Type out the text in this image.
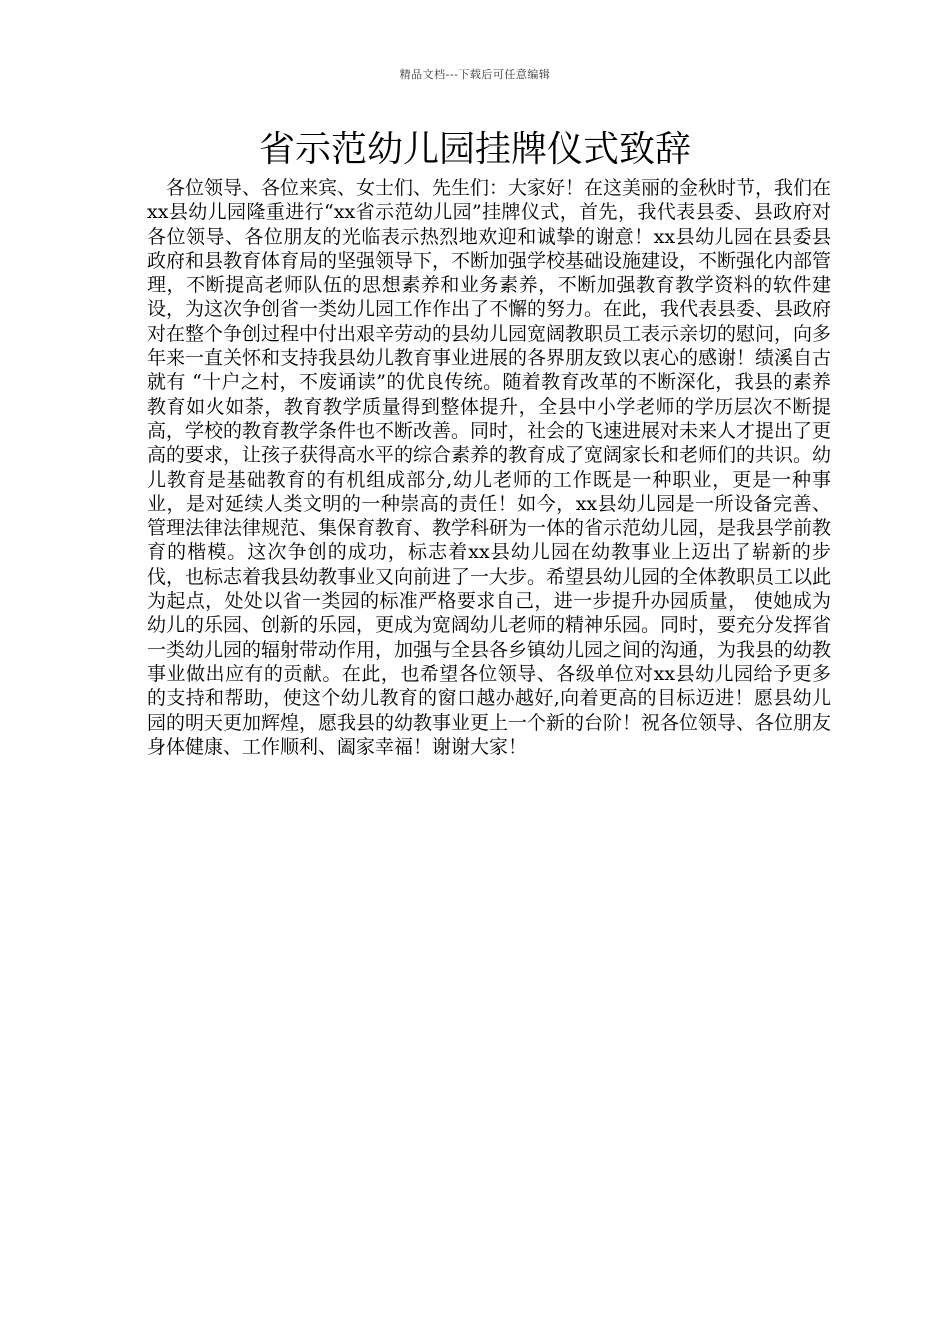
精品文档---下载后可任意编辑
省示范幼儿园挂牌仪式致辞

各位领导、各位来宾、女士们、先生们：大家好！在这美丽的金秋时节，我们在xx县幼儿园隆重进行“xx省示范幼儿园”挂牌仪式，首先，我代表县委、县政府对各位领导、各位朋友的光临表示热烈地欢迎和诚挚的谢意！xx县幼儿园在县委县政府和县教育体育局的坚强领导下，不断加强学校基础设施建设，不断强化内部管理，不断提高老师队伍的思想素养和业务素养，不断加强教育教学资料的软件建设，为这次争创省一类幼儿园工作作出了不懈的努力。在此，我代表县委、县政府对在整个争创过程中付出艰辛劳动的县幼儿园宽阔教职员工表示亲切的慰问，向多年来一直关怀和支持我县幼儿教育事业进展的各界朋友致以衷心的感谢！绩溪自古就有 “十户之村，不废诵读”的优良传统。随着教育改革的不断深化，我县的素养教育如火如荼，教育教学质量得到整体提升，全县中小学老师的学历层次不断提高，学校的教育教学条件也不断改善。同时，社会的飞速进展对未来人才提出了更高的要求，让孩子获得高水平的综合素养的教育成了宽阔家长和老师们的共识。幼儿教育是基础教育的有机组成部分,幼儿老师的工作既是一种职业，更是一种事业，是对延续人类文明的一种崇高的责任！如今，xx县幼儿园是一所设备完善、管理法律法律规范、集保育教育、教学科研为一体的省示范幼儿园，是我县学前教育的楷模。这次争创的成功，标志着xx县幼儿园在幼教事业上迈出了崭新的步伐，也标志着我县幼教事业又向前进了一大步。希望县幼儿园的全体教职员工以此为起点，处处以省一类园的标准严格要求自己，进一步提升办园质量， 使她成为幼儿的乐园、创新的乐园，更成为宽阔幼儿老师的精神乐园。同时，要充分发挥省一类幼儿园的辐射带动作用，加强与全县各乡镇幼儿园之间的沟通，为我县的幼教事业做出应有的贡献。在此，也希望各位领导、各级单位对xx县幼儿园给予更多的支持和帮助，使这个幼儿教育的窗口越办越好,向着更高的目标迈进！愿县幼儿园的明天更加辉煌，愿我县的幼教事业更上一个新的台阶！祝各位领导、各位朋友身体健康、工作顺利、阖家幸福！谢谢大家！
